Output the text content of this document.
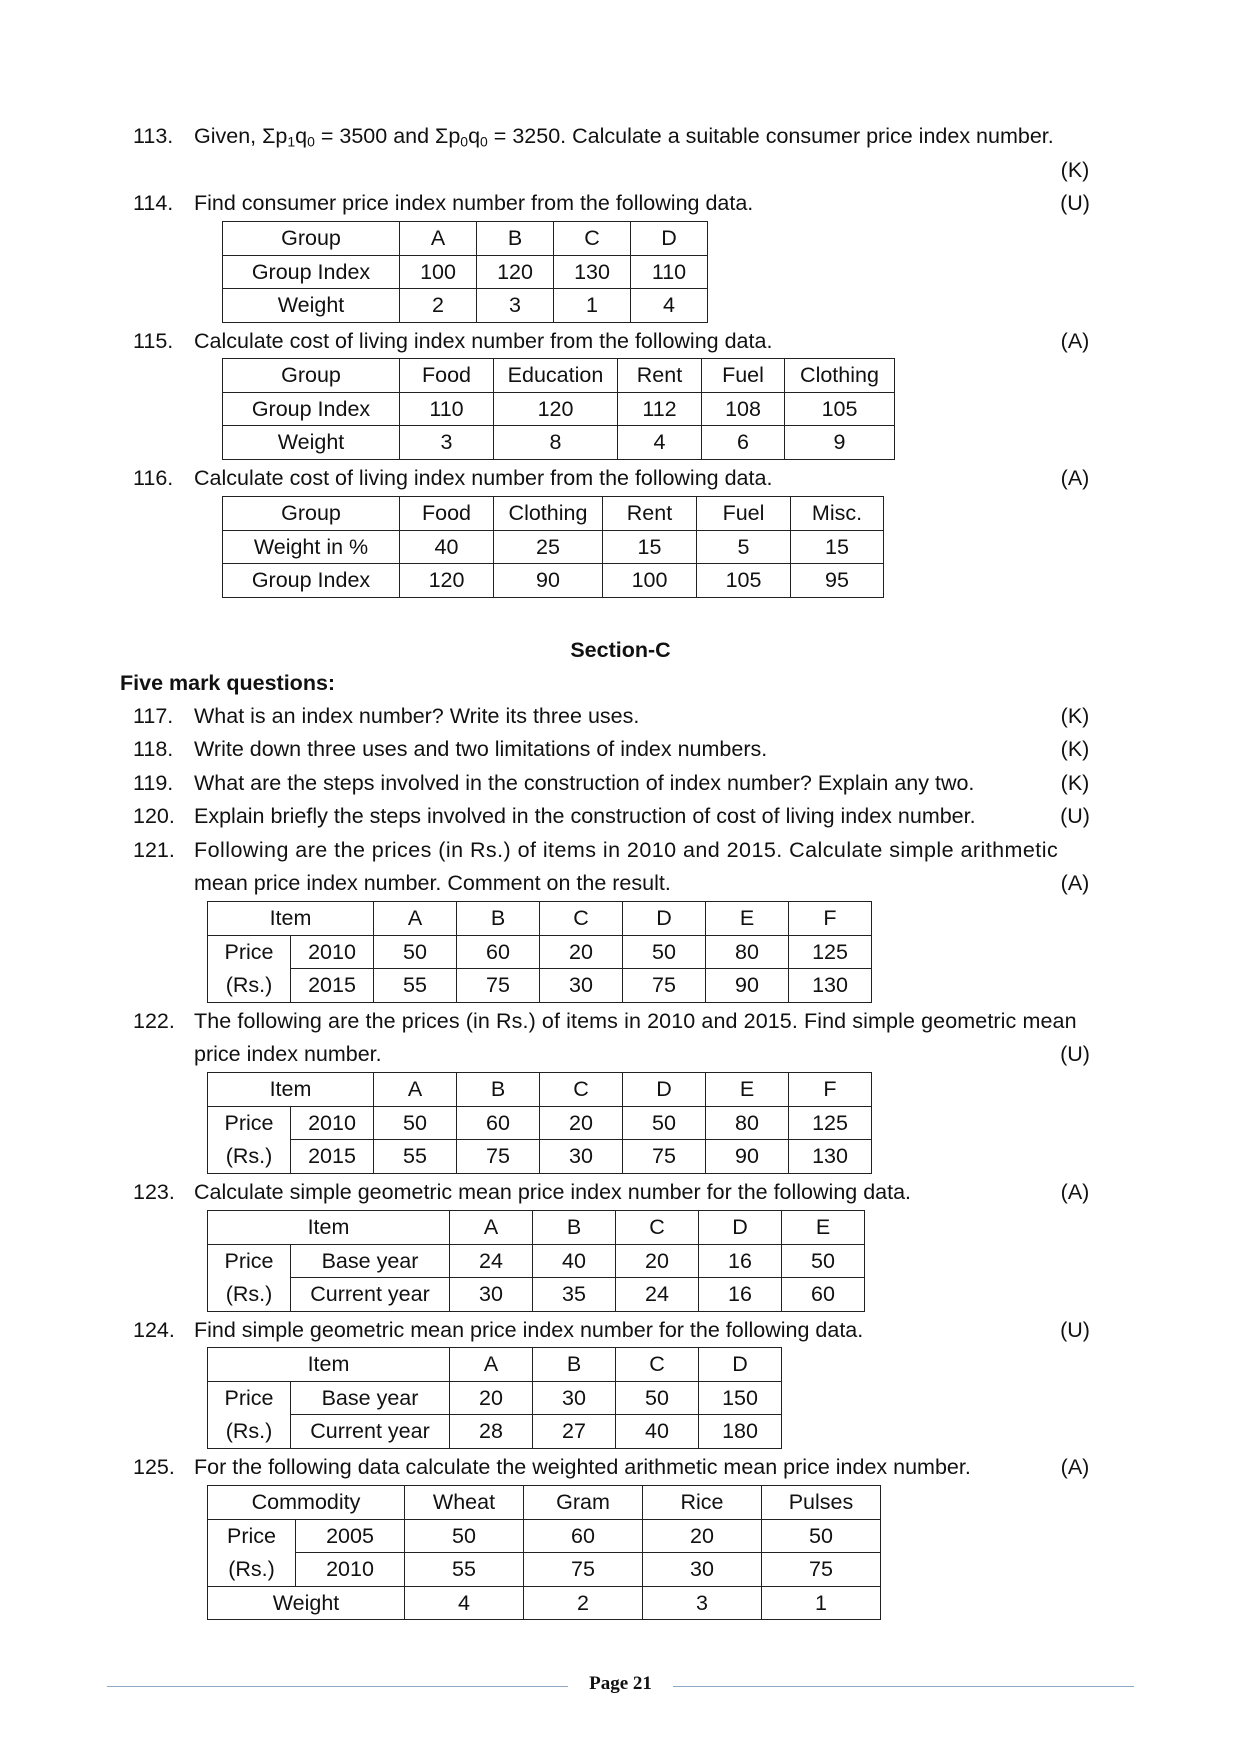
113. Given, $\Sigma p_1q_0 = 3500$ and $\Sigma p_0q_0 = 3250$. Calculate a suitable consumer price index number.
(K)
114. Find consumer price index number from the following data.	(U)
Group	A	B	C	D
Group Index	100	120	130	110
Weight	2	3	1	4
115. Calculate cost of living index number from the following data.	(A)
Group	Food	Education	Rent	Fuel	Clothing
Group Index	110	120	112	108	105
Weight	3	8	4	6	9
116. Calculate cost of living index number from the following data.	(A)
Group	Food	Clothing	Rent	Fuel	Misc.
Weight in %	40	25	15	5	15
Group Index	120	90	100	105	95
Section-C
Five mark questions:
117. What is an index number? Write its three uses.	(K)
118. Write down three uses and two limitations of index numbers.	(K)
119. What are the steps involved in the construction of index number? Explain any two.	(K)
120. Explain briefly the steps involved in the construction of cost of living index number.	(U)
121. Following are the prices (in Rs.) of items in 2010 and 2015. Calculate simple arithmetic
mean price index number. Comment on the result.	(A)
Item		A	B	C	D	E	F
Price	2010	50	60	20	50	80	125
(Rs.)	2015	55	75	30	75	90	130
122. The following are the prices (in Rs.) of items in 2010 and 2015. Find simple geometric mean
price index number.	(U)
Item		A	B	C	D	E	F
Price	2010	50	60	20	50	80	125
(Rs.)	2015	55	75	30	75	90	130
123. Calculate simple geometric mean price index number for the following data.	(A)
Item		A	B	C	D	E
Price	Base year	24	40	20	16	50
(Rs.)	Current year	30	35	24	16	60
124. Find simple geometric mean price index number for the following data.	(U)
Item		A	B	C	D
Price	Base year	20	30	50	150
(Rs.)	Current year	28	27	40	180
125. For the following data calculate the weighted arithmetic mean price index number.	(A)
Commodity		Wheat	Gram	Rice	Pulses
Price	2005	50	60	20	50
(Rs.)	2010	55	75	30	75
Weight		4	2	3	1
Page 21
